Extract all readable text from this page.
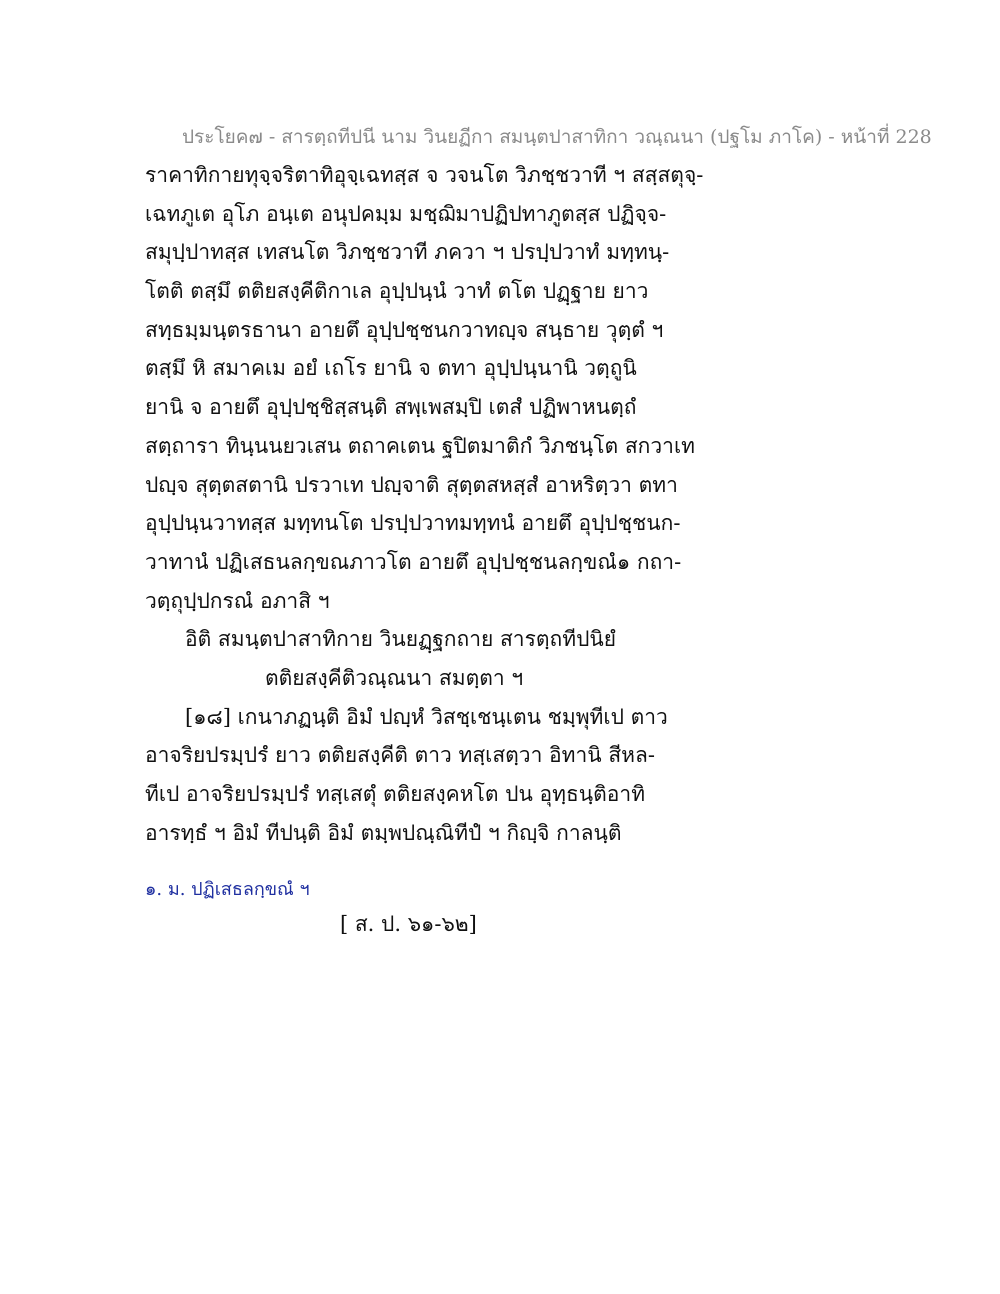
ประโยค๗ - สารตฺถทีปนี นาม วินยฏีกา สมนฺตปาสาทิกา วณฺณนา (ปฐโม ภาโค) - หน้าที่ 228
ราคาทิกายทุจฺจริตาทิอุจฺเฉทสฺส จ วจนโต วิภชฺชวาที ฯ สสฺสตุจฺ-
เฉทภูเต อุโภ อนฺเต อนุปคมฺม มชฺฌิมาปฏิปทาภูตสฺส ปฏิจฺจ-
สมุปฺปาทสฺส เทสนโต วิภชฺชวาที ภควา ฯ ปรปฺปวาทํ มทฺทนฺ-
โตติ ตสฺมึ ตติยสงฺคีติกาเล อุปฺปนฺนํ วาทํ ตโต ปฏฺฐาย ยาว
สทฺธมฺมนฺตรธานา อายตึ อุปฺปชฺชนกวาทญฺจ สนฺธาย วุตฺตํ ฯ
ตสฺมึ หิ สมาคเม อยํ เถโร ยานิ จ ตทา อุปฺปนฺนานิ วตฺถูนิ
ยานิ จ อายตึ อุปฺปชฺชิสฺสนฺติ สพฺเพสมฺปิ เตสํ ปฏิพาหนตฺถํ
สตฺถารา ทินฺนนยวเสน ตถาคเตน ฐปิตมาติกํ วิภชนฺโต สกวาเท
ปญฺจ สุตฺตสตานิ ปรวาเท ปญฺจาติ สุตฺตสหสฺสํ อาหริตฺวา ตทา
อุปฺปนฺนวาทสฺส มทฺทนโต ปรปฺปวาทมทฺทนํ อายตึ อุปฺปชฺชนก-
วาทานํ ปฏิเสธนลกฺขณภาวโต อายตึ อุปฺปชฺชนลกฺขณํ๑ กถา-
วตฺถุปฺปกรณํ อภาสิ ฯ
อิติ สมนฺตปาสาทิกาย วินยฏฺฐกถาย สารตฺถทีปนิยํ
ตติยสงฺคีติวณฺณนา สมตฺตา ฯ
[๑๘] เกนาภฏนฺติ อิมํ ปญฺหํ วิสชฺเชนฺเตน ชมฺพุทีเป ตาว
อาจริยปรมฺปรํ ยาว ตติยสงฺคีติ ตาว ทสฺเสตฺวา อิทานิ สีหล-
ทีเป อาจริยปรมฺปรํ ทสฺเสตุํ ตติยสงฺคหโต ปน อุทฺธนฺติอาทิ
อารทฺธํ ฯ อิมํ ทีปนฺติ อิมํ ตมฺพปณฺณิทีปํ ฯ กิญฺจิ กาลนฺติ
๑. ม. ปฏิเสธลกฺขณํ ฯ
[ ส. ป. ๖๑-๖๒]
